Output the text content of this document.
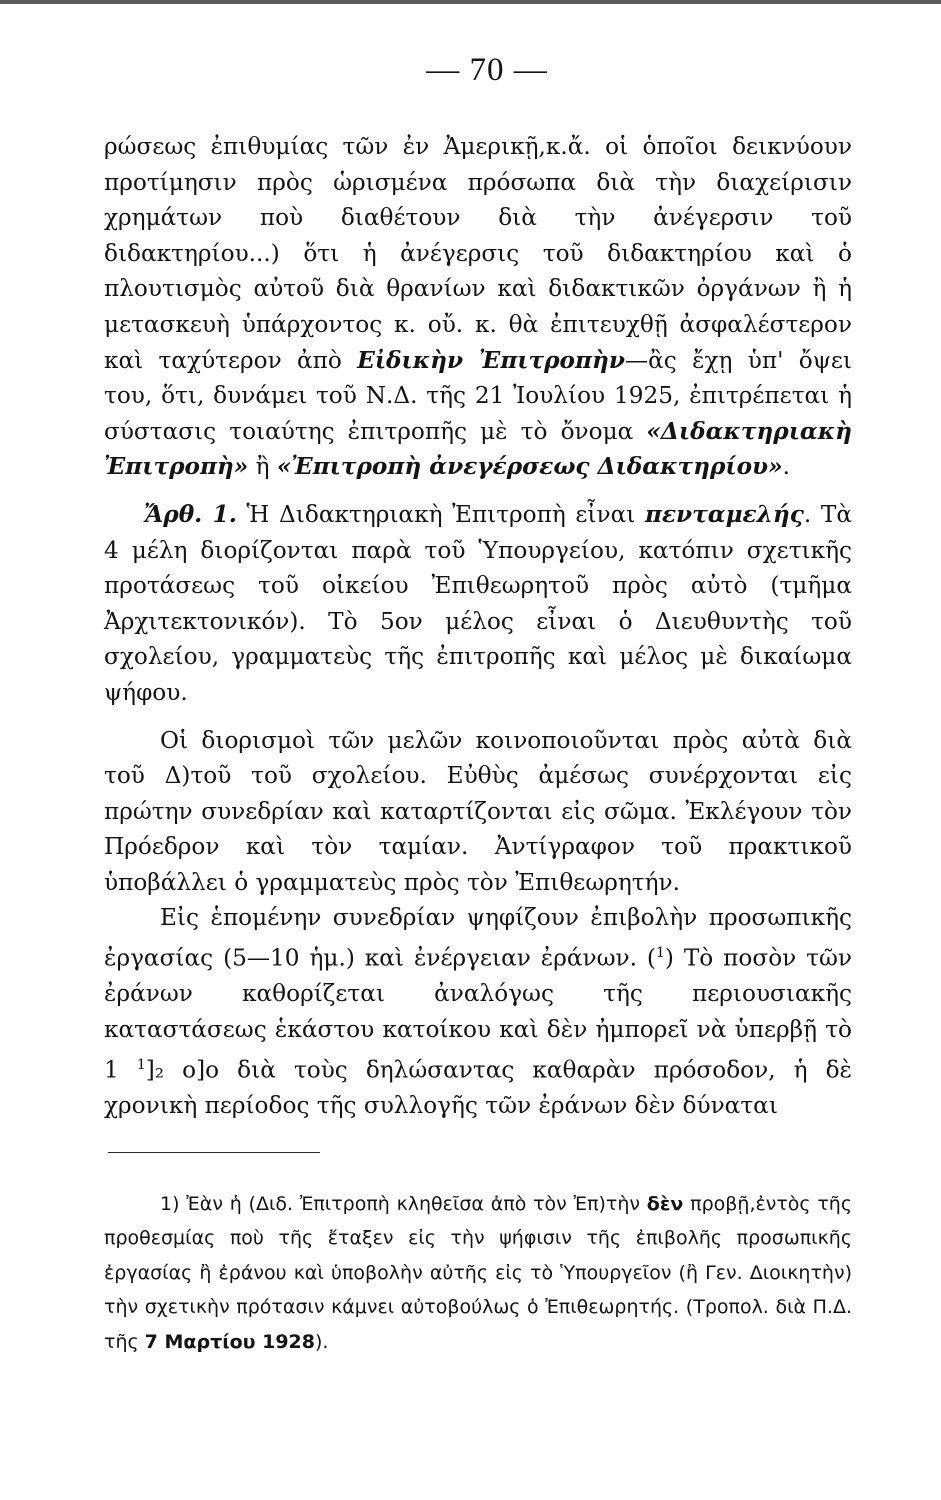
— 70 —

ρώσεως ἐπιθυμίας τῶν ἐν Ἀμερικῇ,κ.ἄ. οἱ ὁποῖοι δεικνύουν προτίμησιν πρὸς ὡρισμένα πρόσωπα διὰ τὴν διαχείρισιν χρημάτων ποὺ διαθέτουν διὰ τὴν ἀνέγερσιν τοῦ διδακτηρίου...) ὅτι ἡ ἀνέγερσις τοῦ διδακτηρίου καὶ ὁ πλουτισμὸς αὐτοῦ διὰ θρανίων καὶ διδακτικῶν ὀργάνων ἢ ἡ μετασκευὴ ὑπάρχοντος κ. οὔ. κ. θὰ ἐπιτευχθῇ ἀσφαλέστερον καὶ ταχύτερον ἀπὸ Εἰδικὴν Ἐπιτροπὴν—ἂς ἔχῃ ὑπ' ὄψει του, ὅτι, δυνάμει τοῦ Ν.Δ. τῆς 21 Ἰουλίου 1925, ἐπιτρέπεται ἡ σύστασις τοιαύτης ἐπιτροπῆς μὲ τὸ ὄνομα «Διδακτηριακὴ Ἐπιτροπὴ» ἢ «Ἐπιτροπὴ ἀνεγέρσεως Διδακτηρίου».

Ἄρθ. 1. Ἡ Διδακτηριακὴ Ἐπιτροπὴ εἶναι πενταμελής. Τὰ 4 μέλη διορίζονται παρὰ τοῦ Ὑπουργείου, κατόπιν σχετικῆς προτάσεως τοῦ οἰκείου Ἐπιθεωρητοῦ πρὸς αὐτὸ (τμῆμα Ἀρχιτεκτονικόν). Τὸ 5ον μέλος εἶναι ὁ Διευθυντὴς τοῦ σχολείου, γραμματεὺς τῆς ἐπιτροπῆς καὶ μέλος μὲ δικαίωμα ψήφου.

Οἱ διορισμοὶ τῶν μελῶν κοινοποιοῦνται πρὸς αὐτὰ διὰ τοῦ Δ)τοῦ τοῦ σχολείου. Εὐθὺς ἀμέσως συνέρχονται εἰς πρώτην συνεδρίαν καὶ καταρτίζονται εἰς σῶμα. Ἐκλέγουν τὸν Πρόεδρον καὶ τὸν ταμίαν. Ἀντίγραφον τοῦ πρακτικοῦ ὑποβάλλει ὁ γραμματεὺς πρὸς τὸν Ἐπιθεωρητήν.

Εἰς ἑπομένην συνεδρίαν ψηφίζουν ἐπιβολὴν προσωπικῆς ἐργασίας (5—10 ἡμ.) καὶ ἐνέργειαν ἐράνων. ($^1$) Τὸ ποσὸν τῶν ἐράνων καθορίζεται ἀναλόγως τῆς περιουσιακῆς καταστάσεως ἑκάστου κατοίκου καὶ δὲν ἠμπορεῖ νὰ ὑπερβῇ τὸ 1 $^1$]₂ ο]ο διὰ τοὺς δηλώσαντας καθαρὰν πρόσοδον, ἡ δὲ χρονικὴ περίοδος τῆς συλλογῆς τῶν ἐράνων δὲν δύναται

1) Ἐὰν ἡ (Διδ. Ἐπιτροπὴ κληθεῖσα ἀπὸ τὸν Ἐπ)τὴν δὲν προβῇ,ἐντὸς τῆς προθεσμίας ποὺ τῆς ἔταξεν εἰς τὴν ψήφισιν τῆς ἐπιβολῆς προσωπικῆς ἐργασίας ἢ ἐράνου καὶ ὑποβολὴν αὐτῆς εἰς τὸ Ὑπουργεῖον (ἢ Γεν. Διοικητὴν) τὴν σχετικὴν πρότασιν κάμνει αὐτοβούλως ὁ Ἐπιθεωρητής. (Τροπολ. διὰ Π.Δ. τῆς 7 Μαρτίου 1928).
